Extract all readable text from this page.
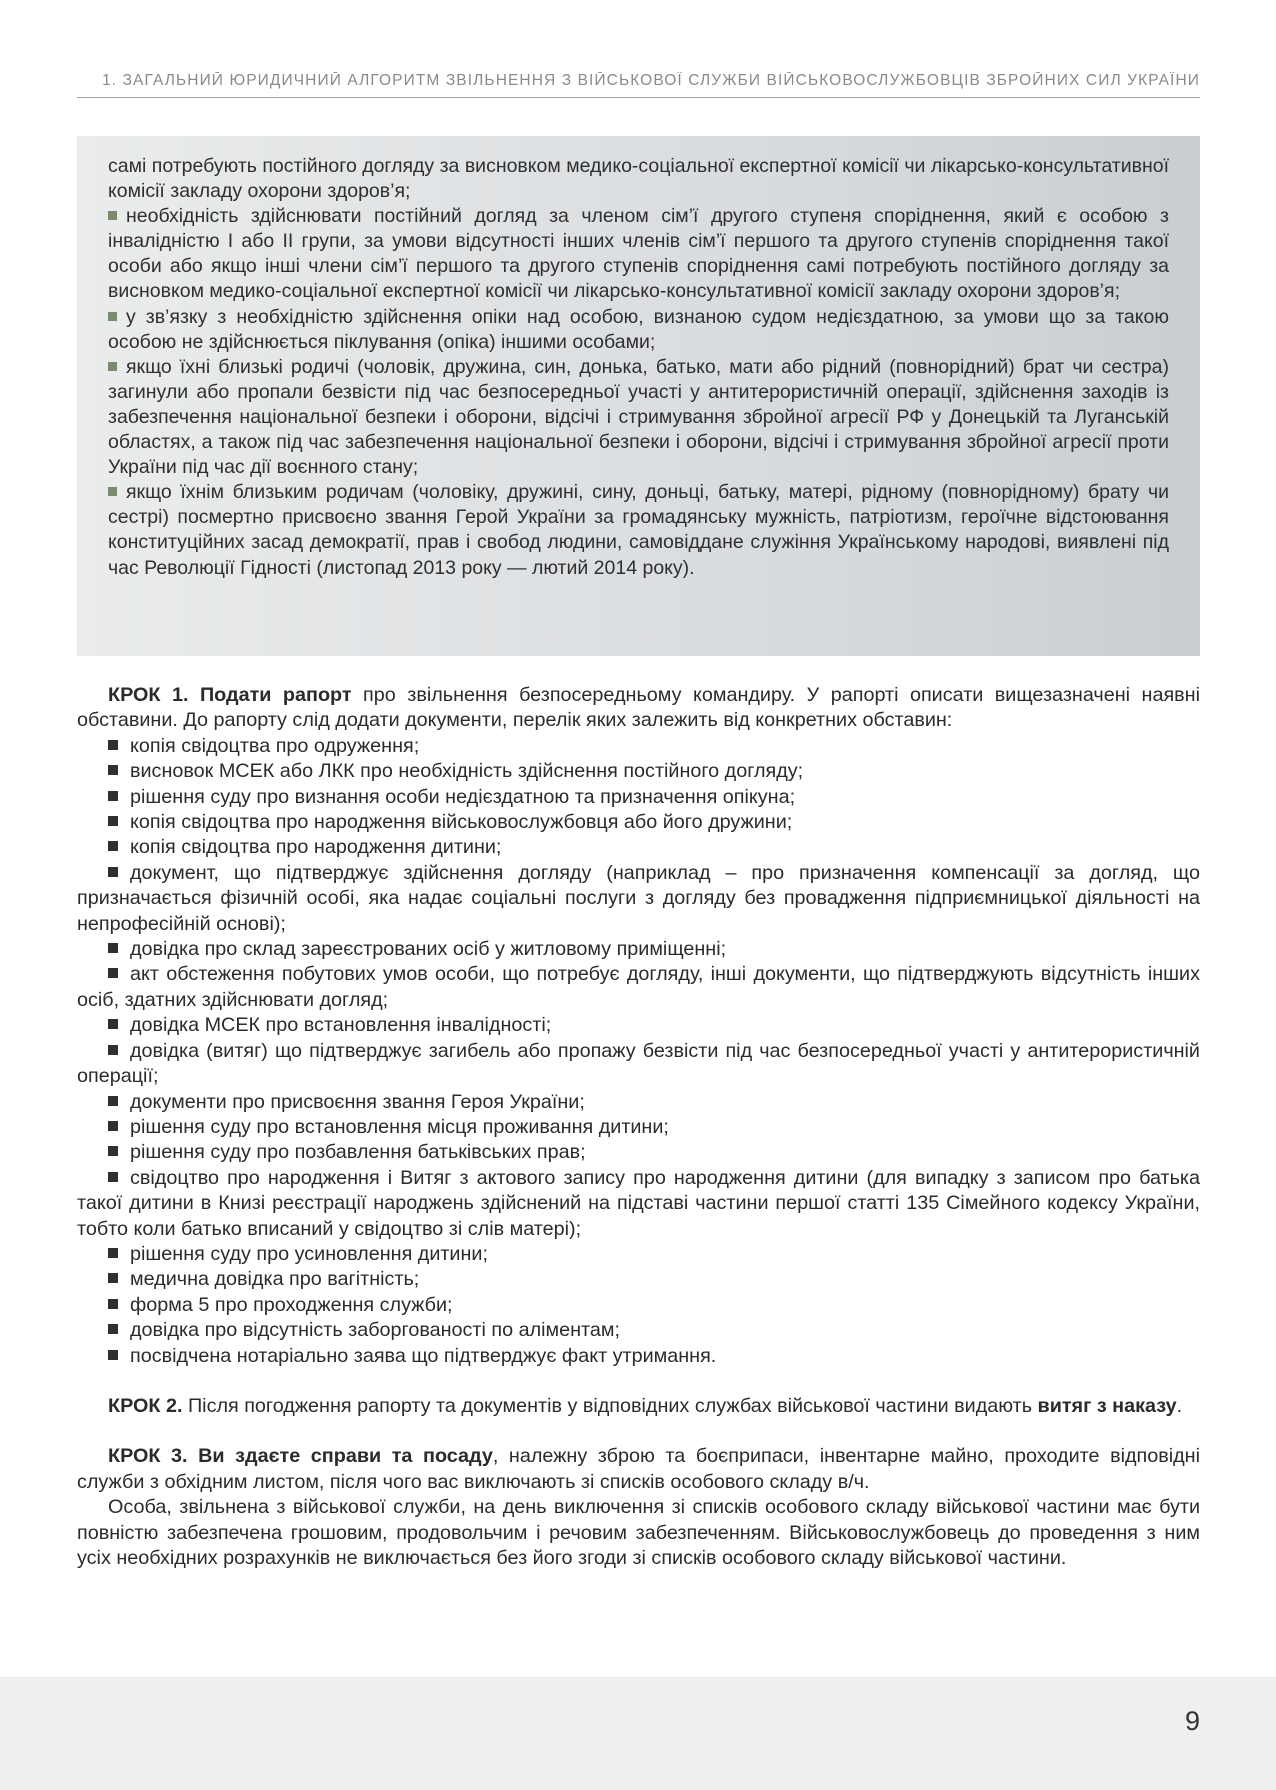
1. ЗАГАЛЬНИЙ ЮРИДИЧНИЙ АЛГОРИТМ ЗВІЛЬНЕННЯ З ВІЙСЬКОВОЇ СЛУЖБИ ВІЙСЬКОВОСЛУЖБОВЦІВ ЗБРОЙНИХ СИЛ УКРАЇНИ

самі потребують постійного догляду за висновком медико-соціальної експертної комісії чи лікарсько-консультативної комісії закладу охорони здоров’я;

необхідність здійснювати постійний догляд за членом сім’ї другого ступеня споріднення, який є особою з інвалідністю I або II групи, за умови відсутності інших членів сім’ї першого та другого ступенів споріднення такої особи або якщо інші члени сім’ї першого та другого ступенів споріднення самі потребують постійного догляду за висновком медико-соціальної експертної комісії чи лікарсько-консультативної комісії закладу охорони здоров’я;

у зв’язку з необхідністю здійснення опіки над особою, визнаною судом недієздатною, за умови що за такою особою не здійснюється піклування (опіка) іншими особами;

якщо їхні близькі родичі (чоловік, дружина, син, донька, батько, мати або рідний (повнорідний) брат чи сестра) загинули або пропали безвісти під час безпосередньої участі у антитерористичній операції, здійснення заходів із забезпечення національної безпеки і оборони, відсічі і стримування збройної агресії РФ у Донецькій та Луганській областях, а також під час забезпечення національної безпеки і оборони, відсічі і стримування збройної агресії проти України під час дії воєнного стану;

якщо їхнім близьким родичам (чоловіку, дружині, сину, доньці, батьку, матері, рідному (повнорідному) брату чи сестрі) посмертно присвоєно звання Герой України за громадянську мужність, патріотизм, героїчне відстоювання конституційних засад демократії, прав і свобод людини, самовіддане служіння Українському народові, виявлені під час Революції Гідності (листопад 2013 року — лютий 2014 року).

КРОК 1. Подати рапорт про звільнення безпосередньому командиру. У рапорті описати вищезазначені наявні обставини. До рапорту слід додати документи, перелік яких залежить від конкретних обставин:

копія свідоцтва про одруження;

висновок МСЕК або ЛКК про необхідність здійснення постійного догляду;

рішення суду про визнання особи недієздатною та призначення опікуна;

копія свідоцтва про народження військовослужбовця або його дружини;

копія свідоцтва про народження дитини;

документ, що підтверджує здійснення догляду (наприклад – про призначення компенсації за догляд, що призначається фізичній особі, яка надає соціальні послуги з догляду без провадження підприємницької діяльності на непрофесійній основі);

довідка про склад зареєстрованих осіб у житловому приміщенні;

акт обстеження побутових умов особи, що потребує догляду, інші документи, що підтверджують відсутність інших осіб, здатних здійснювати догляд;

довідка МСЕК про встановлення інвалідності;

довідка (витяг) що підтверджує загибель або пропажу безвісти під час безпосередньої участі у антитерористичній операції;

документи про присвоєння звання Героя України;

рішення суду про встановлення місця проживання дитини;

рішення суду про позбавлення батьківських прав;

свідоцтво про народження і Витяг з актового запису про народження дитини (для випадку з записом про батька такої дитини в Книзі реєстрації народжень здійснений на підставі частини першої статті 135 Сімейного кодексу України, тобто коли батько вписаний у свідоцтво зі слів матері);

рішення суду про усиновлення дитини;

медична довідка про вагітність;

форма 5 про проходження служби;

довідка про відсутність заборгованості по аліментам;

посвідчена нотаріально заява що підтверджує факт утримання.

КРОК 2. Після погодження рапорту та документів у відповідних службах військової частини видають витяг з наказу.

КРОК 3. Ви здаєте справи та посаду, належну зброю та боєприпаси, інвентарне майно, проходите відповідні служби з обхідним листом, після чого вас виключають зі списків особового складу в/ч.

Особа, звільнена з військової служби, на день виключення зі списків особового складу військової частини має бути повністю забезпечена грошовим, продовольчим і речовим забезпеченням. Військовослужбовець до проведення з ним усіх необхідних розрахунків не виключається без його згоди зі списків особового складу військової частини.

9
